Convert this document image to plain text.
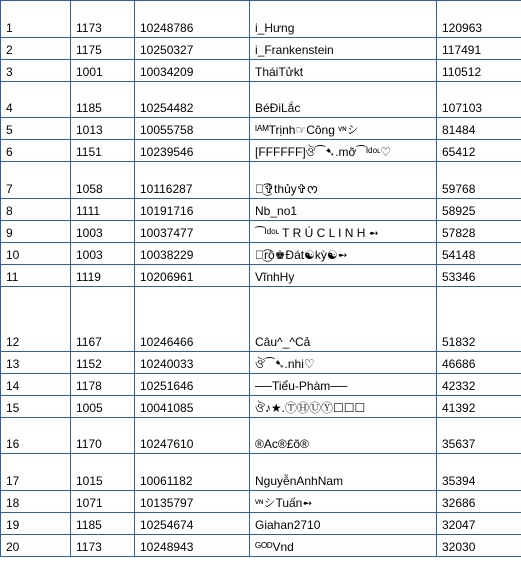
1	1173	10248786	i_Hưng	120963
2	1175	10250327	i_Frankenstein	117491
3	1001	10034209	TháiTửkt	110512
4	1185	10254482	BéĐiLắc	107103
5	1013	10055758	ᴵᴬᴹTrịnh☞Công ᵛᶰシ	81484
6	1151	10239546	[FFFFFF]ঔ⁀➷.mỡ⁀ᴵᵈᵒᶫ♡	65412
7	1058	10116287	ᰔ͜͡✞thủy✞ᰔ	59768
8	1111	10191716	Nb_no1	58925
9	1003	10037477	⁀ᴵᵈᵒᶫ T R Ú C L I N H ➻	57828
10	1003	10038229	ঔ͜͡rô♚Đát☯kỳ☯➻	54148
11	1119	10206961	VĩnhHy	53346
12	1167	10246466	Câu^_^Cả	51832
13	1152	10240033	ঔ⁀➷.nhi♡	46686
14	1178	10251646	──Tiểu-Phàm──	42332
15	1005	10041085	ঔ♪★.ⓉⒽⓊⓎ☐☐☐	41392
16	1170	10247610	®Ac®£õ®	35637
17	1015	10061182	NguyễnAnhNam	35394
18	1071	10135797	ᵛᶰシTuấn➻	32686
19	1185	10254674	Giahan2710	32047
20	1173	10248943	ᴳᴼᴰVnd	32030
